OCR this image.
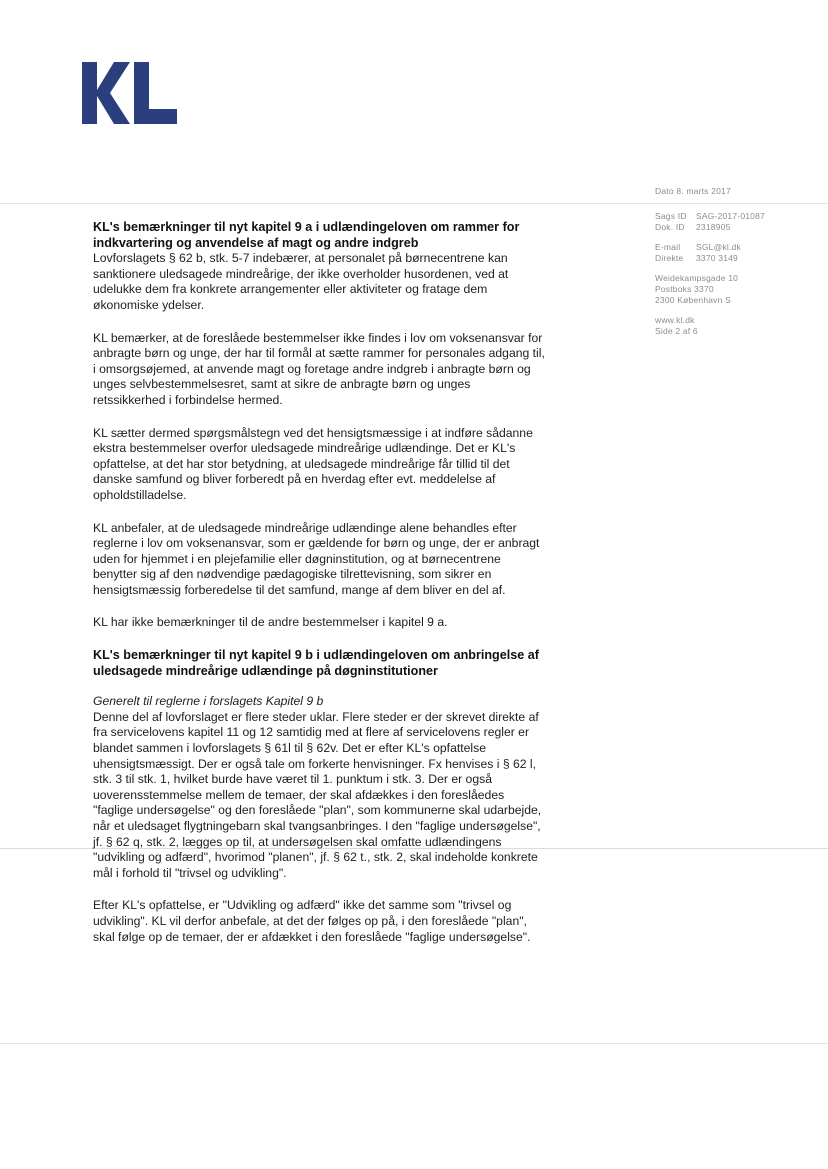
Dato 8. marts 2017
Sags ID	SAG-2017-01087
Dok. ID	2318905
E-mail	SGL@kl.dk
Direkte	3370 3149
Weidekampsgade 10
Postboks 3370
2300 København S
www.kl.dk
Side 2 af 6
KL's bemærkninger til nyt kapitel 9 a i udlændingeloven om rammer for indkvartering og anvendelse af magt og andre indgreb

Lovforslagets § 62 b, stk. 5-7 indebærer, at personalet på børnecentrene kan sanktionere uledsagede mindreårige, der ikke overholder husordenen, ved at udelukke dem fra konkrete arrangementer eller aktiviteter og fratage dem økonomiske ydelser.

KL bemærker, at de foreslåede bestemmelser ikke findes i lov om voksenansvar for anbragte børn og unge, der har til formål at sætte rammer for personales adgang til, i omsorgsøjemed, at anvende magt og foretage andre indgreb i anbragte børn og unges selvbestemmelsesret, samt at sikre de anbragte børn og unges retssikkerhed i forbindelse hermed.

KL sætter dermed spørgsmålstegn ved det hensigtsmæssige i at indføre sådanne ekstra bestemmelser overfor uledsagede mindreårige udlændinge. Det er KL's opfattelse, at det har stor betydning, at uledsagede mindreårige får tillid til det danske samfund og bliver forberedt på en hverdag efter evt. meddelelse af opholdstilladelse.

KL anbefaler, at de uledsagede mindreårige udlændinge alene behandles efter reglerne i lov om voksenansvar, som er gældende for børn og unge, der er anbragt uden for hjemmet i en plejefamilie eller døgninstitution, og at børnecentrene benytter sig af den nødvendige pædagogiske tilrettevisning, som sikrer en hensigtsmæssig forberedelse til det samfund, mange af dem bliver en del af.

KL har ikke bemærkninger til de andre bestemmelser i kapitel 9 a.

KL's bemærkninger til nyt kapitel 9 b i udlændingeloven om anbringelse af uledsagede mindreårige udlændinge på døgninstitutioner

Generelt til reglerne i forslagets Kapitel 9 b

Denne del af lovforslaget er flere steder uklar. Flere steder er der skrevet direkte af fra servicelovens kapitel 11 og 12 samtidig med at flere af servicelovens regler er blandet sammen i lovforslagets § 61l til § 62v. Det er efter KL's opfattelse uhensigtsmæssigt. Der er også tale om forkerte henvisninger. Fx henvises i § 62 l, stk. 3 til stk. 1, hvilket burde have været til 1. punktum i stk. 3. Der er også uoverensstemmelse mellem de temaer, der skal afdækkes i den foreslåedes "faglige undersøgelse" og den foreslåede "plan", som kommunerne skal udarbejde, når et uledsaget flygtningebarn skal tvangsanbringes. I den "faglige undersøgelse", jf. § 62 q, stk. 2, lægges op til, at undersøgelsen skal omfatte udlændingens "udvikling og adfærd", hvorimod "planen", jf. § 62 t., stk. 2, skal indeholde konkrete mål i forhold til "trivsel og udvikling".

Efter KL's opfattelse, er "Udvikling og adfærd" ikke det samme som "trivsel og udvikling". KL vil derfor anbefale, at det der følges op på, i den foreslåede "plan", skal følge op de temaer, der er afdækket i den foreslåede "faglige undersøgelse".
